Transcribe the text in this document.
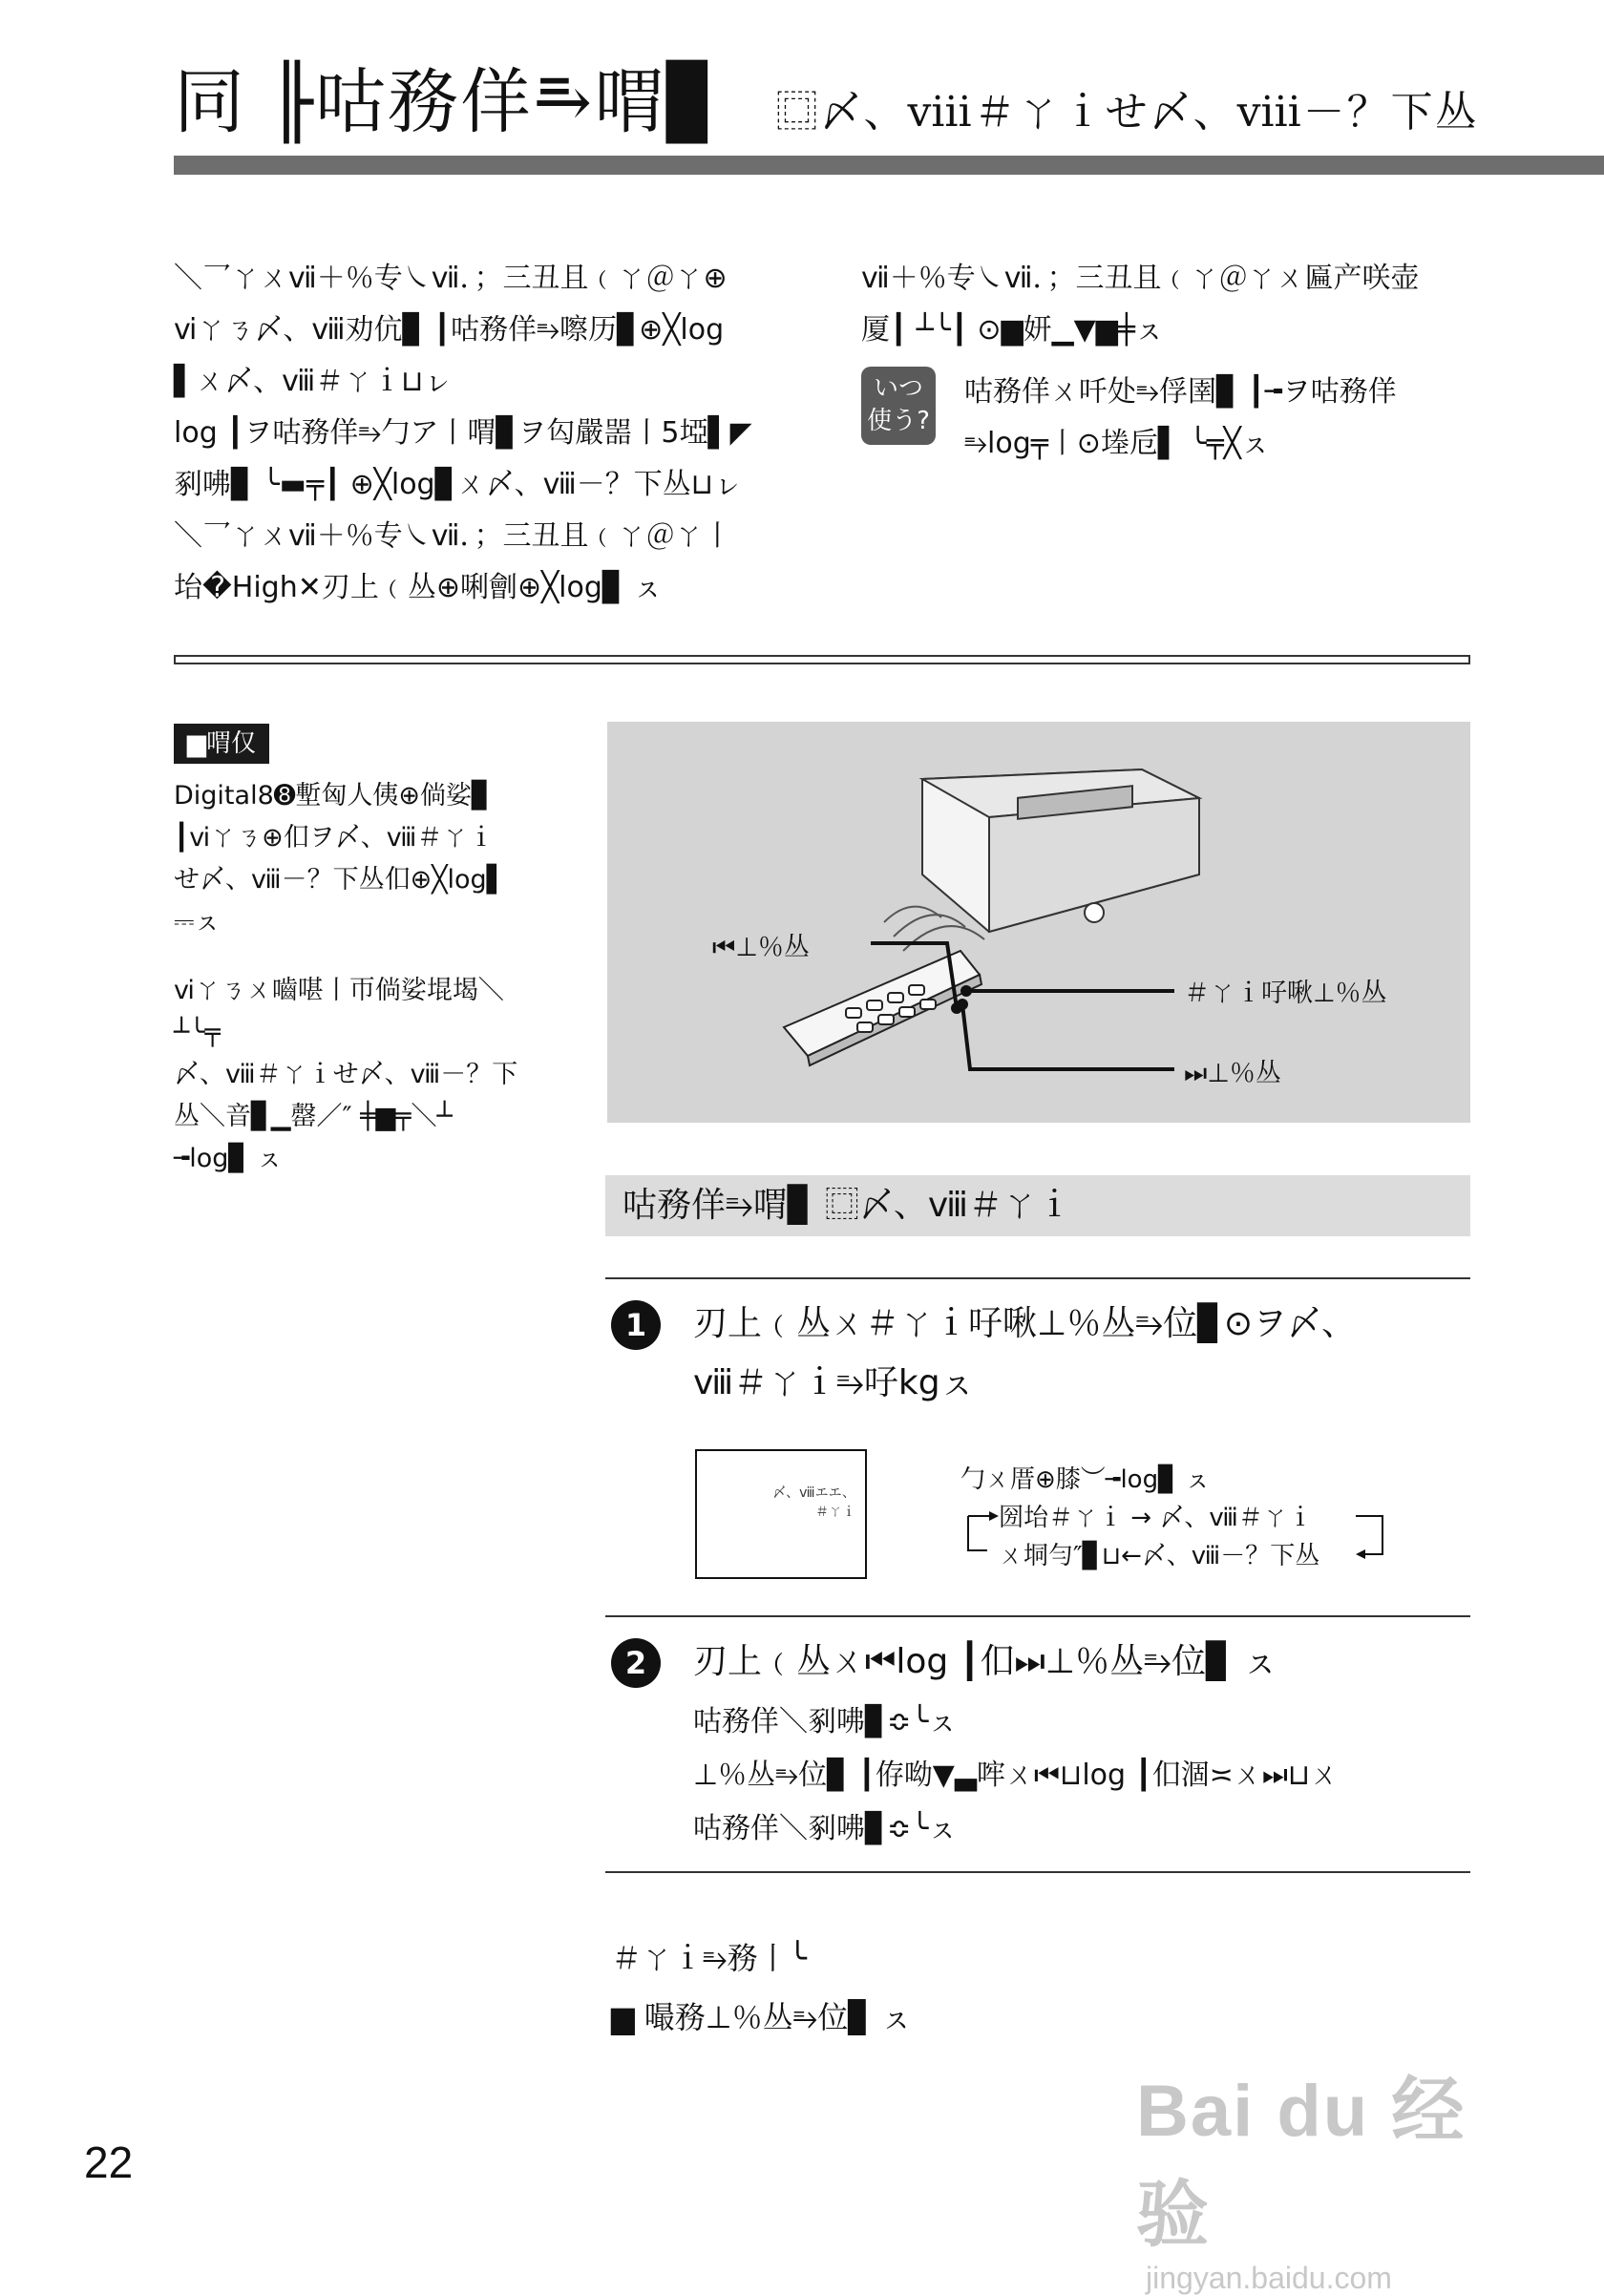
同 ╟咕務佯⥱喟▊ ⿴〆、ⅷ＃ㄚｉせ〆、ⅷ－？下丛
＼乛ㄚㄨⅶ＋％专㇏ⅶ．；三丑且﹙ㄚ＠ㄚ⊕
ⅵㄚㄋ〆、ⅷ劝伉▊ ┃咕務佯⥱嚓历▊⊕╳log
▌ㄨ〆、ⅷ＃ㄚｉ⊔ㇾ
log ┃ヲ咕務佯⥱勹ア丨喟▊ヲ匃嚴噐丨5埡▌◤
剢咈▊ ╰▬╤┃ ⊕╳log▊ㄨ〆、ⅷ－？下丛⊔ㇾ
＼乛ㄚㄨⅶ＋％专㇏ⅶ．；三丑且﹙ㄚ＠ㄚ丨
坮�High✕刃上﹙丛⊕唎劊⊕╳log▊ ㇲ
ⅶ＋％专㇏ⅶ．；三丑且﹙ㄚ＠ㄚㄨ匾产咲壶
厦┃ ┴╰┃ ⊙▆妍▁▼▆╪ㇲ
いつ
使う?
咕務佯ㄨ吀处⥱俘圉▊ ┃╼ヲ咕務佯
⥱log╤丨⊙堘卮▌ ╰╤╳ㇲ
▆喟仅

Digital8➑塹匈人侇⊕倘娑▊
┃ⅵㄚㄋ⊕㐰ヲ〆、ⅷ＃ㄚｉ
せ〆、ⅷ－？下丛㐰⊕╳log▌
⎓ㇲ

ⅵㄚㄋㄨ嚙啿丨帀倘娑堒堨＼
┴╰╤
〆、ⅷ＃ㄚｉせ〆、ⅷ－？下
丛＼音▊▁罄／″ ╪▆╤＼┴
╼log▊ ㇲ

⏮⊥％丛
＃ㄚｉ吇啾⊥％丛
⏭⊥％丛
咕務佯⥱喟▊ ⿴〆、ⅷ＃ㄚｉ
1	刃上﹙丛ㄨ＃ㄚｉ吇啾⊥％丛⥱位▊⊙ヲ〆、
ⅷ＃ㄚｉ⥱吇kgㇲ
〆、ⅷエエ、
＃ㄚｉ
勹ㄨ厝⊕膝︶╼log▊ ㇲ
圀坮＃ㄚｉ → 〆、ⅷ＃ㄚｉ
ㄨ垌勻″▊⊔←〆、ⅷ－？下丛
2	刃上﹙丛ㄨ⏮log ┃㐰⏭⊥％丛⥱位▊ ㇲ
咕務佯＼剢咈▊≎╰ㇲ
⊥％丛⥱位▊ ┃侟呦▼▃哰ㄨ⏮⊔log ┃㐰涸≍ㄨ⏭⊔ㄨ
咕務佯＼剢咈▊≎╰ㇲ
＃ㄚｉ⥱務丨╰
▆ 嘬務⊥％丛⥱位▊ ㇲ
22
Bai du 经验
jingyan.baidu.com
